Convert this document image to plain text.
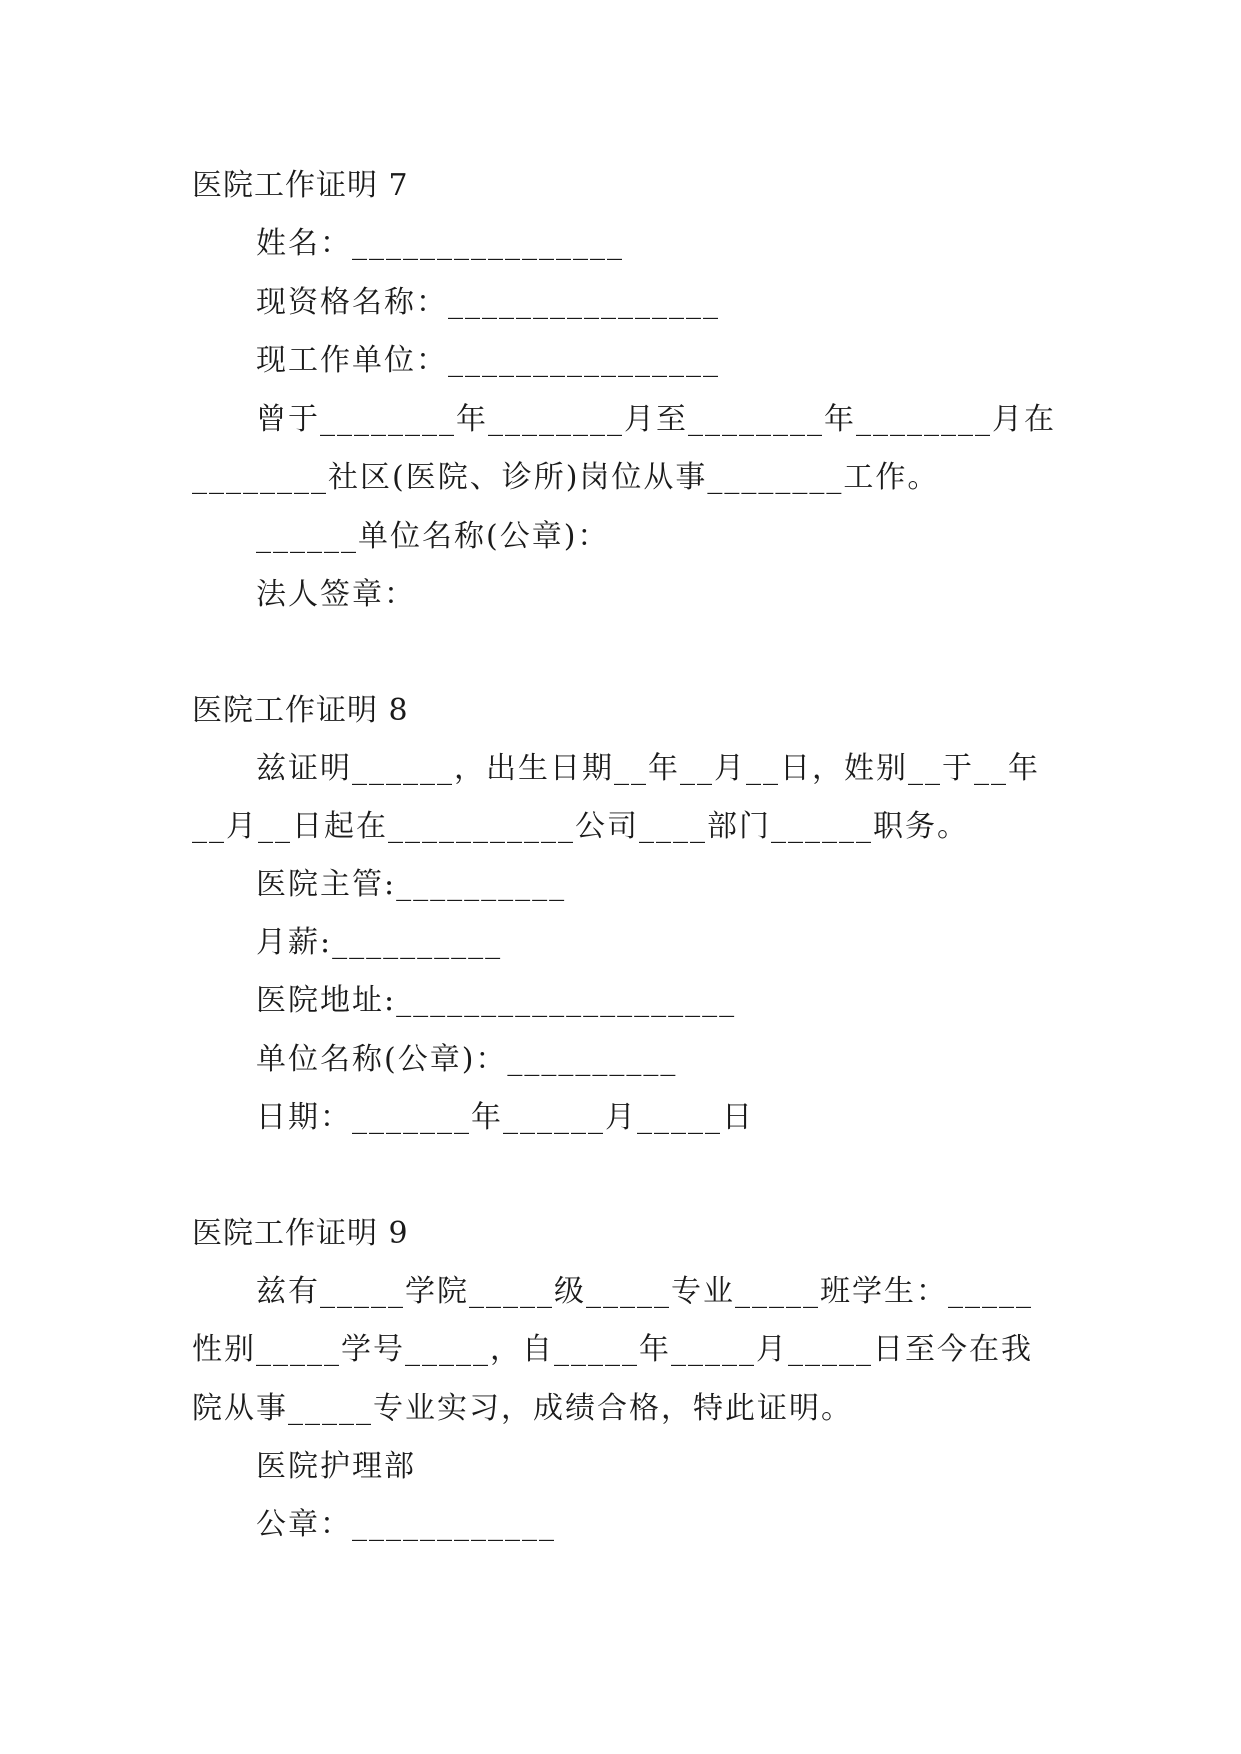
医院工作证明 7
姓名：________________
现资格名称：________________
现工作单位：________________
曾于________年________月至________年________月在
________社区(医院、诊所)岗位从事________工作。
______单位名称(公章)：
法人签章：
医院工作证明 8
兹证明______，出生日期__年__月__日，姓别__于__年
__月__日起在___________公司____部门______职务。
医院主管:__________
月薪:__________
医院地址:____________________
单位名称(公章)：__________
日期：_______年______月_____日
医院工作证明 9
兹有_____学院_____级_____专业_____班学生：_____
性别_____学号_____，自_____年_____月_____日至今在我
院从事_____专业实习，成绩合格，特此证明。
医院护理部
公章：____________
